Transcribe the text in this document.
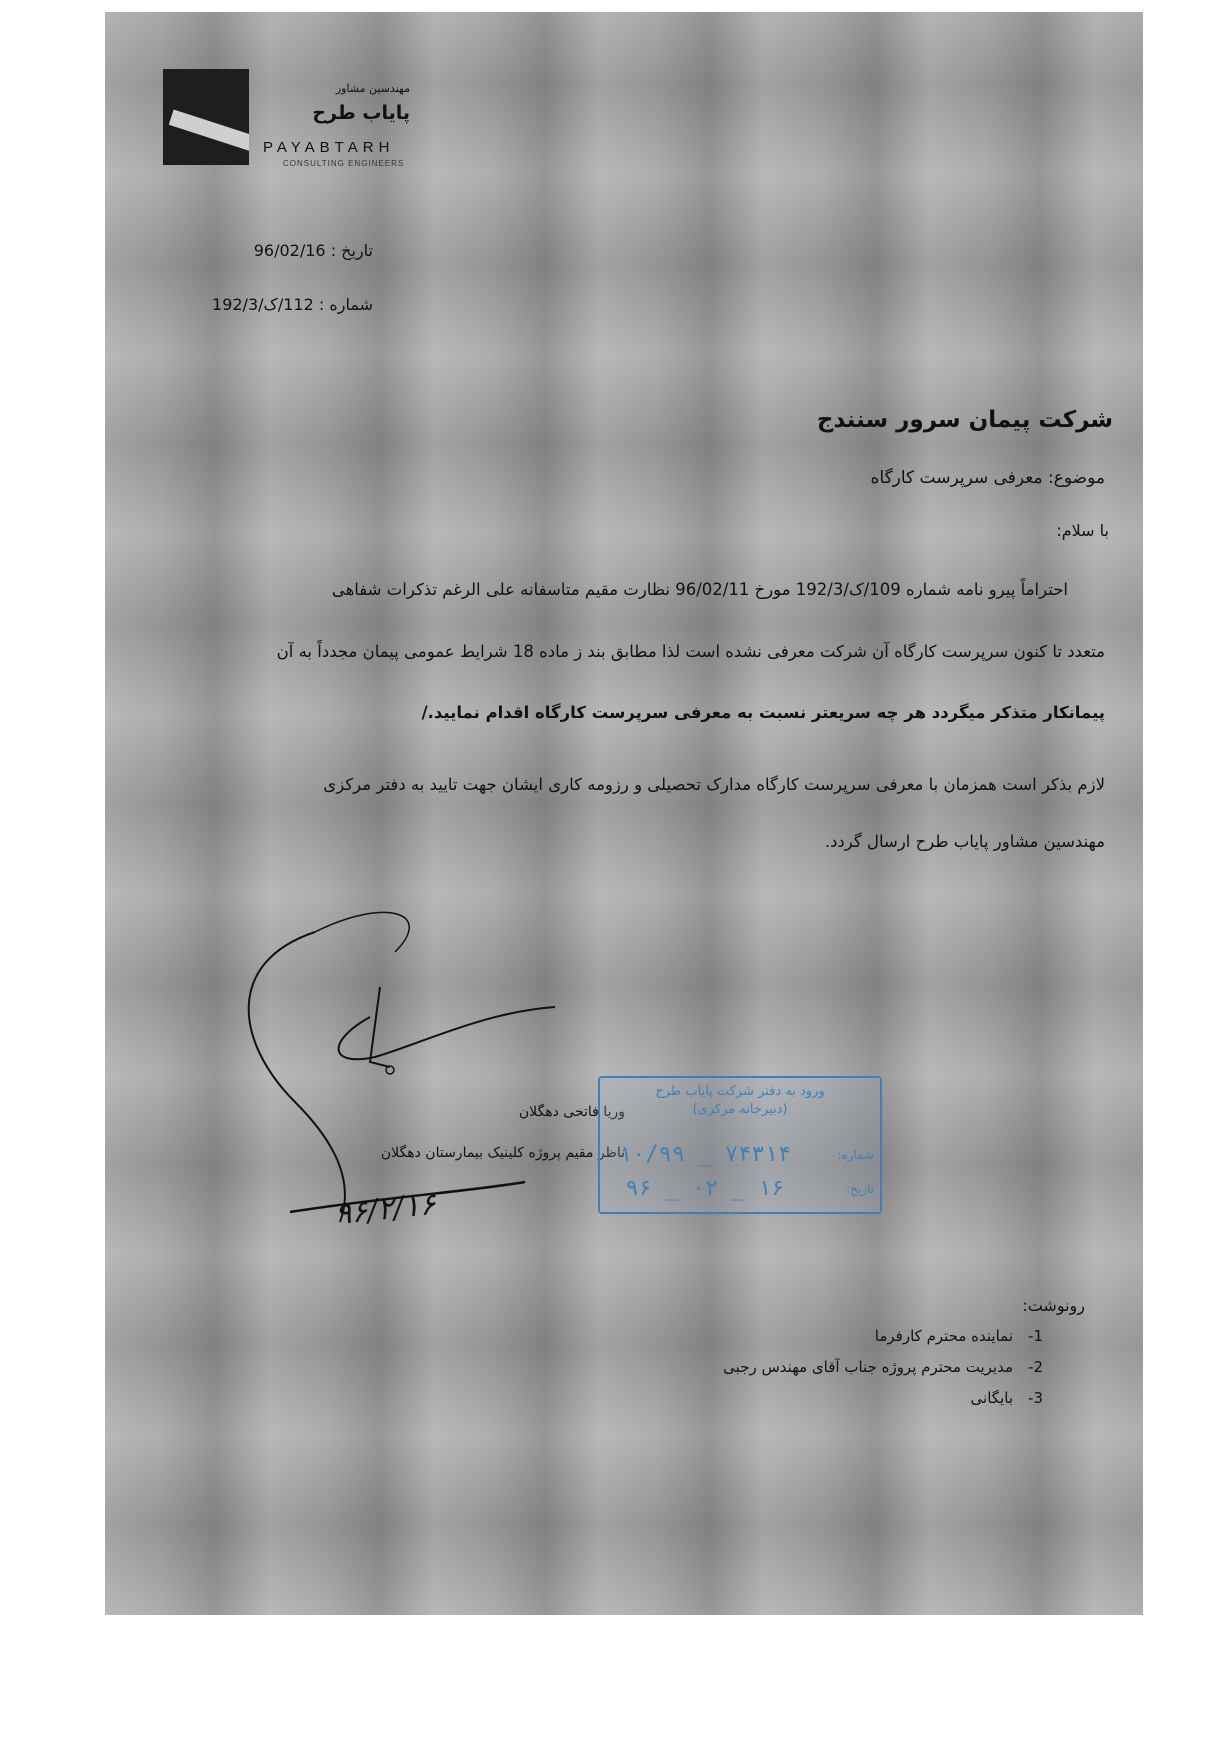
مهندسین مشاور
پایاب طرح
PAYABTARH
CONSULTING ENGINEERS
تاریخ : 96/02/16
شماره : 112/ک/192/3
شرکت پیمان سرور سنندج
موضوع: معرفی سرپرست کارگاه
با سلام:
احتراماً پیرو نامه شماره 109/ک/192/3 مورخ 96/02/11 نظارت مقیم متاسفانه علی الرغم تذکرات شفاهی
متعدد تا کنون سرپرست کارگاه آن شرکت معرفی نشده است لذا مطابق بند ز ماده 18 شرایط عمومی پیمان مجدداً به آن
پیمانکار متذکر میگردد هر چه سریعتر نسبت به معرفی سرپرست کارگاه اقدام نمایید./
لازم بذکر است همزمان با معرفی سرپرست کارگاه مدارک تحصیلی و رزومه کاری ایشان جهت تایید به دفتر مرکزی
مهندسین مشاور پایاب طرح ارسال گردد.
وریا فاتحی دهگلان
ناظر مقیم پروژه کلینیک بیمارستان دهگلان
۹۶/۲/۱۶
ورود به دفتر شرکت پایاب طرح
(دبیرخانه مرکزی)
شماره:
۱۰/۹۹ _ ۷۴۳۱۴
تاریخ:
۹۶ _ ۰۲ _ ۱۶
رونوشت:
1-نماینده محترم کارفرما
2-مدیریت محترم پروژه جناب آقای مهندس رجبی
3-بایگانی
